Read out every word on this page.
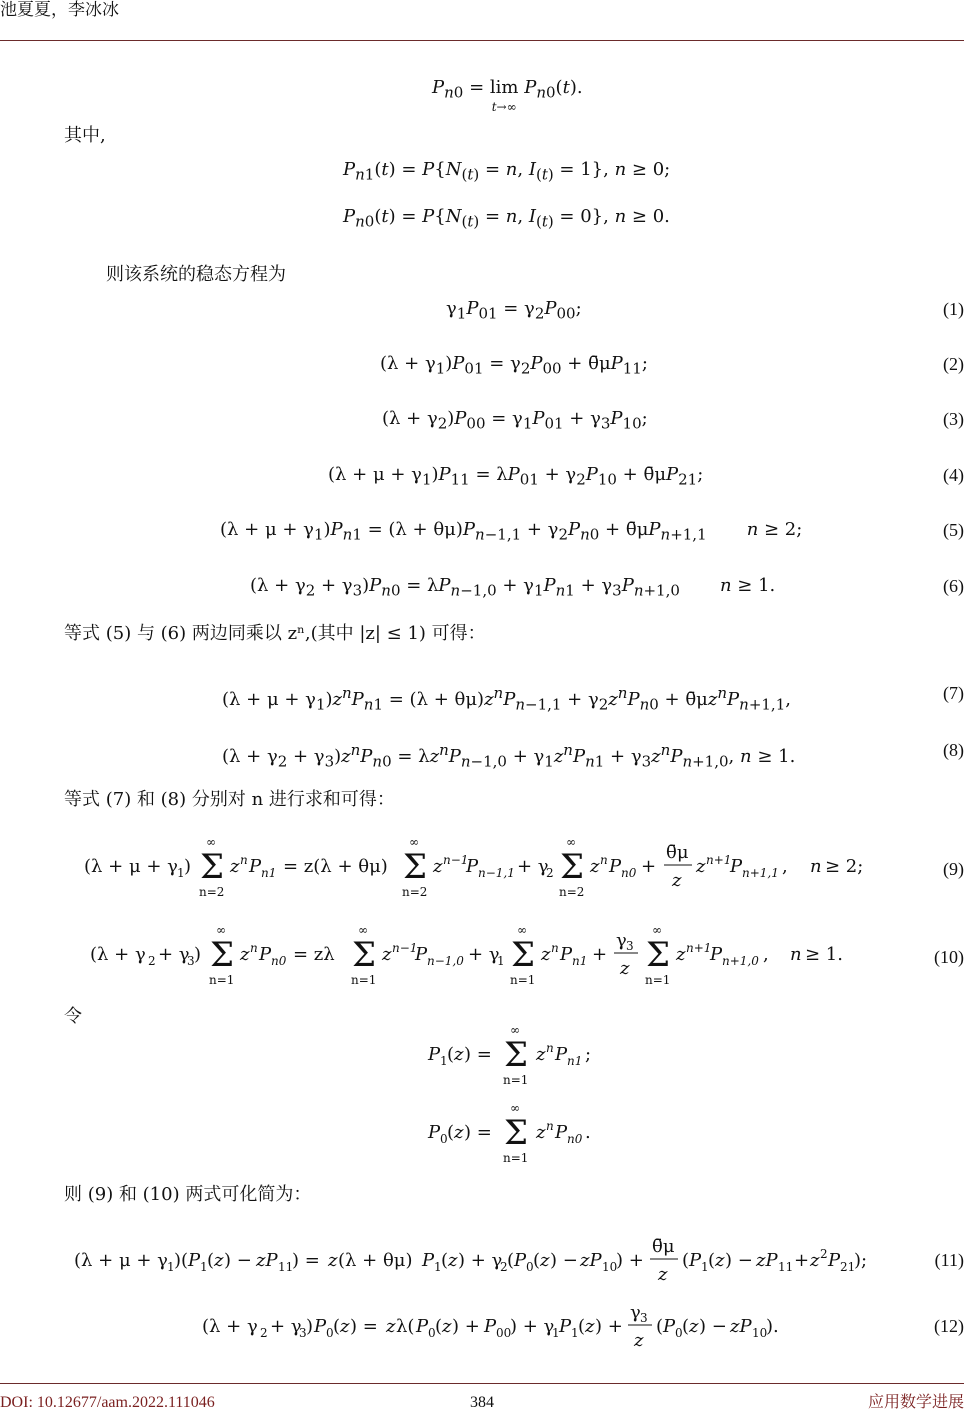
池夏夏，李冰冰
$P_{n0} = \lim$
$^{t\to\infty}$ $P_{n0}(t)$.
其中,
$P_{n1}(t) = P\{N_{(t)} = n$, $I_{(t)} = 1$}, n ≥ 0;
$P_{n0}(t) = P\{N_{(t)} = n$, $I_{(t)} = 0$}, n ≥ 0.
则该系统的稳态方程为
$\gamma_1P_{01} = \gamma_2P_{00}$;	(1)
$(\lambda + \gamma_1)P_{01} = \gamma_2P_{00}$ + $\thetā\mu P_{11}$;	(2)
$(\lambda + \gamma_2)P_{00} = \gamma_1P_{01} + \gamma_3P_{10}$;	(3)
$(\lambda + \mu + \gamma_1)P_{11} = \lambda P_{01} + \gamma_2P_{10}$ + $\thetā\mu P_{21}$;	(4)
$(\lambda + \mu + \gamma_1)P_{n1} = (\lambda + \theta\mu)P_{n-1,1} + \gamma_2P_{n0}$ + $\thetā\mu P_{n+1,1}$ n ≥ 2;	(5)
$(\lambda + \gamma_2 + \gamma_3)P_{n0} = \lambda P_{n-1,0} + \gamma_1P_{n1} + \gamma_3P_{n+1,0}$ n ≥ 1.	(6)
等式 (5) 与 (6) 两边同乘以 zⁿ,(其中 |z| ≤ 1) 可得：
$(\lambda + \mu + \gamma_1)z^nP_{n1} = (\lambda + \theta\mu)z^nP_{n-1,1} + \gamma_2z^nP_{n0}$ + $\thetā\mu z^nP_{n+1,1}$,	(7)
$(\lambda + \gamma_2 + \gamma_3)z^nP_{n0} = \lambda z^nP_{n-1,0} + \gamma_1z^nP_{n1} + \gamma_3z^nP_{n+1,0}$, n ≥ 1.	(8)
等式 (7) 和 (8) 分别对 n 进行求和可得：
(λ + μ + γ 1 ) Σ
∞
n=2
z n P n1 = z(λ + θμ) Σ
∞
n=2
z n−1
P n−1,1 + γ
2 Σ
∞
n=2
z n P n0 +
θ̄μ
z
z n+1
P n+1,1 , n ≥ 2;	(9)
(λ + γ 2 + γ
3 ) Σ
∞
n=1
z n P n0 = zλ Σ
∞
n=1
z n−1
P n−1,0 + γ
1 Σ
∞
n=1
z n P n1 +
γ 3
z Σ
∞
n=1
z n+1
P n+1,0 , n ≥ 1.	(10)
令
P 1 ( z ) = Σ
∞
n=1
z n P n1 ;
P 0 ( z ) = Σ
∞
n=1
z n P n0 .
则 (9) 和 (10) 两式可化简为：
(λ + μ + γ 1 )( P 1 ( z ) − zP 11
) = z (λ + θμ) P 1 ( z ) + γ
2 ( P 0 ( z ) − zP 10
) +
θ̄μ
z
( P 1 ( z ) − zP 11 + z 2 P 21
);	(11)
(λ + γ 2 + γ
3 ) P 0 ( z ) = z λ( P 0 ( z ) + P 00
) + γ
1 P 1 ( z ) +
γ 3
z
( P 0 ( z ) − zP 10
).	(12)
DOI: 10.12677/aam.2022.111046	384	应用数学进展
